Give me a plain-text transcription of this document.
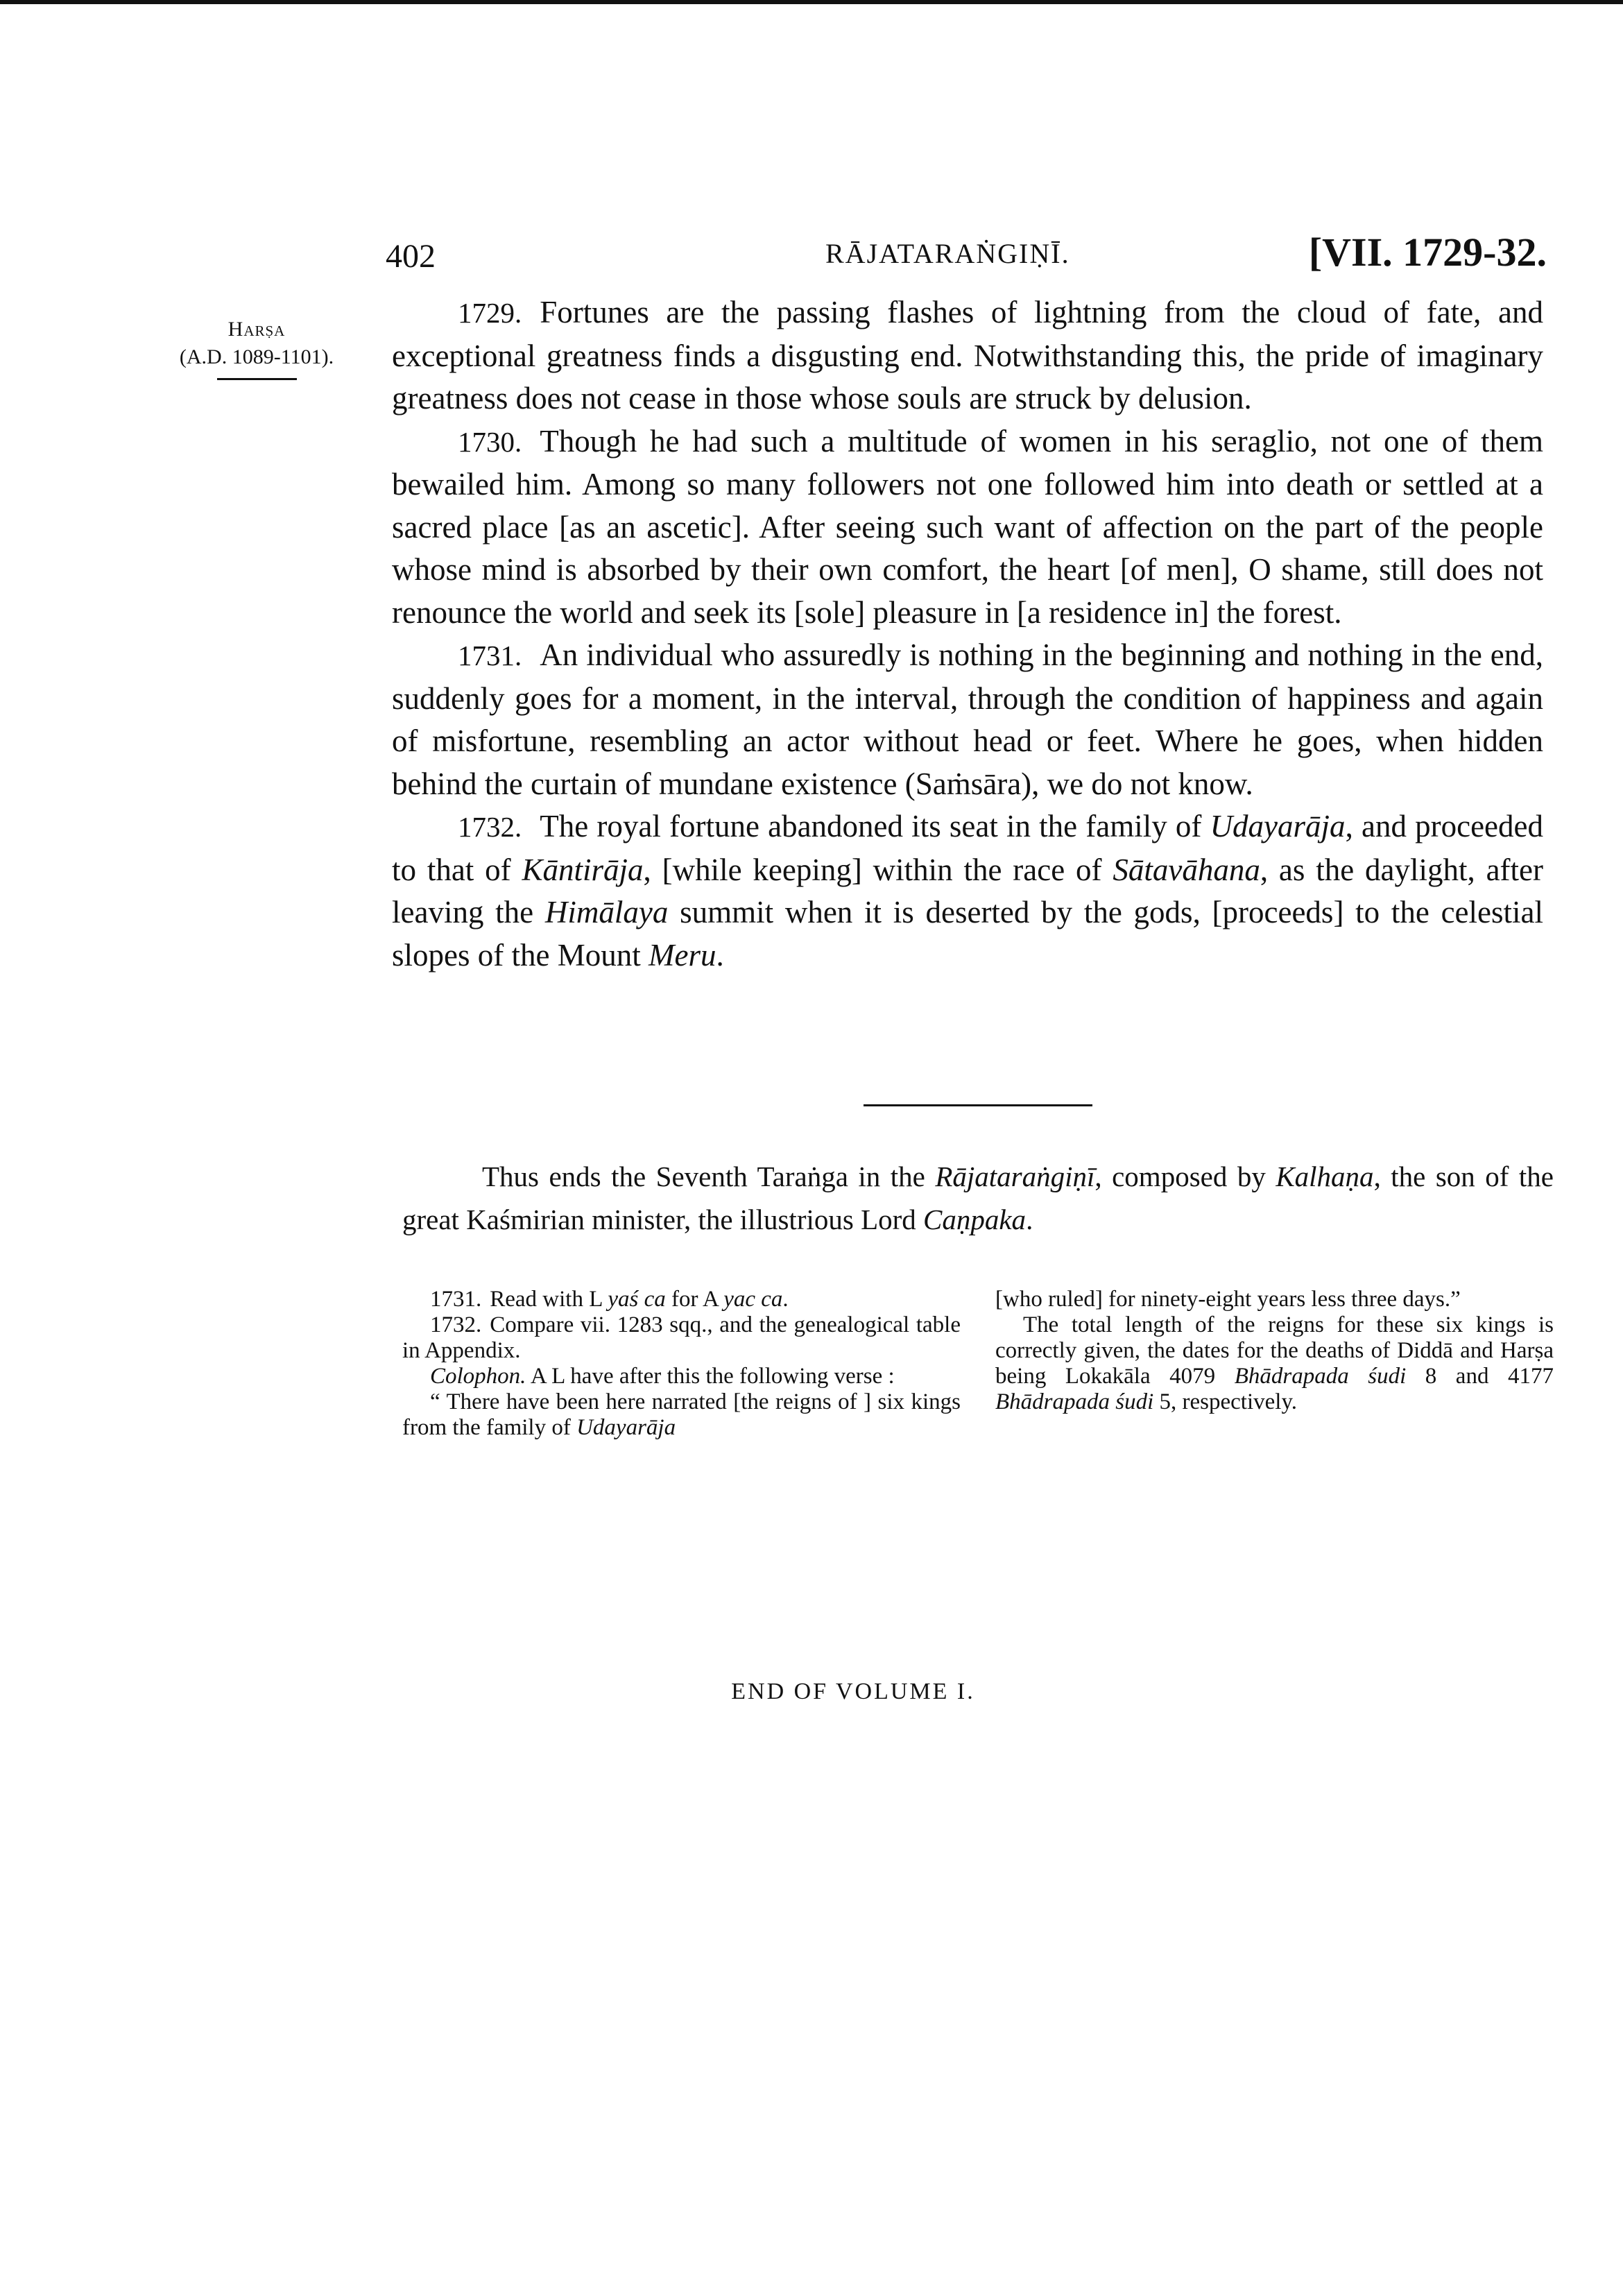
402	RĀJATARAṄGIṆĪ.	[VII. 1729-32.
Harṣa
(A.D. 1089-1101).

1729. Fortunes are the passing flashes of lightning from the cloud of fate, and exceptional greatness finds a disgusting end. Notwithstanding this, the pride of imaginary greatness does not cease in those whose souls are struck by delusion.

1730. Though he had such a multitude of women in his seraglio, not one of them bewailed him. Among so many followers not one followed him into death or settled at a sacred place [as an ascetic]. After seeing such want of affection on the part of the people whose mind is absorbed by their own comfort, the heart [of men], O shame, still does not renounce the world and seek its [sole] pleasure in [a residence in] the forest.

1731. An individual who assuredly is nothing in the beginning and nothing in the end, suddenly goes for a moment, in the interval, through the condition of happiness and again of misfortune, resembling an actor without head or feet. Where he goes, when hidden behind the curtain of mundane existence (Saṁsāra), we do not know.

1732. The royal fortune abandoned its seat in the family of Udayarāja, and proceeded to that of Kāntirāja, [while keeping] within the race of Sātavāhana, as the daylight, after leaving the Himālaya summit when it is deserted by the gods, [proceeds] to the celestial slopes of the Mount Meru.

Thus ends the Seventh Taraṅga in the Rājataraṅgiṇī, composed by Kalhaṇa, the son of the great Kaśmirian minister, the illustrious Lord Caṇpaka.

1731. Read with L yaś ca for A yac ca.

1732. Compare vii. 1283 sqq., and the genealogical table in Appendix.

Colophon. A L have after this the following verse :

“ There have been here narrated [the reigns of ] six kings from the family of Udayarāja

[who ruled] for ninety-eight years less three days.”

The total length of the reigns for these six kings is correctly given, the dates for the deaths of Diddā and Harṣa being Lokakāla 4079 Bhādrapada śudi 8 and 4177 Bhādrapada śudi 5, respectively.

END OF VOLUME I.
